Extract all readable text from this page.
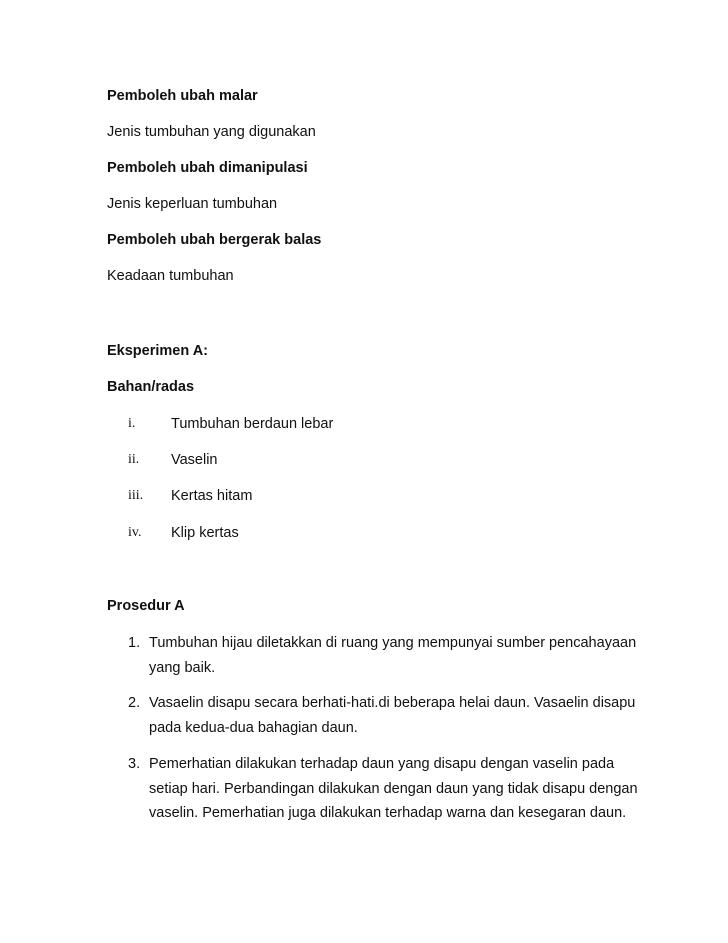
Pemboleh ubah malar
Jenis tumbuhan yang digunakan
Pemboleh ubah dimanipulasi
Jenis keperluan tumbuhan
Pemboleh ubah bergerak balas
Keadaan tumbuhan
Eksperimen A:
Bahan/radas
i. Tumbuhan berdaun lebar
ii. Vaselin
iii. Kertas hitam
iv. Klip kertas
Prosedur A
1. Tumbuhan hijau diletakkan di ruang yang mempunyai sumber pencahayaan yang baik.
2. Vasaelin disapu secara berhati-hati.di beberapa helai daun. Vasaelin disapu pada kedua-dua bahagian daun.
3. Pemerhatian dilakukan terhadap daun yang disapu dengan vaselin pada setiap hari. Perbandingan dilakukan dengan daun yang tidak disapu dengan vaselin. Pemerhatian juga dilakukan terhadap warna dan kesegaran daun.
